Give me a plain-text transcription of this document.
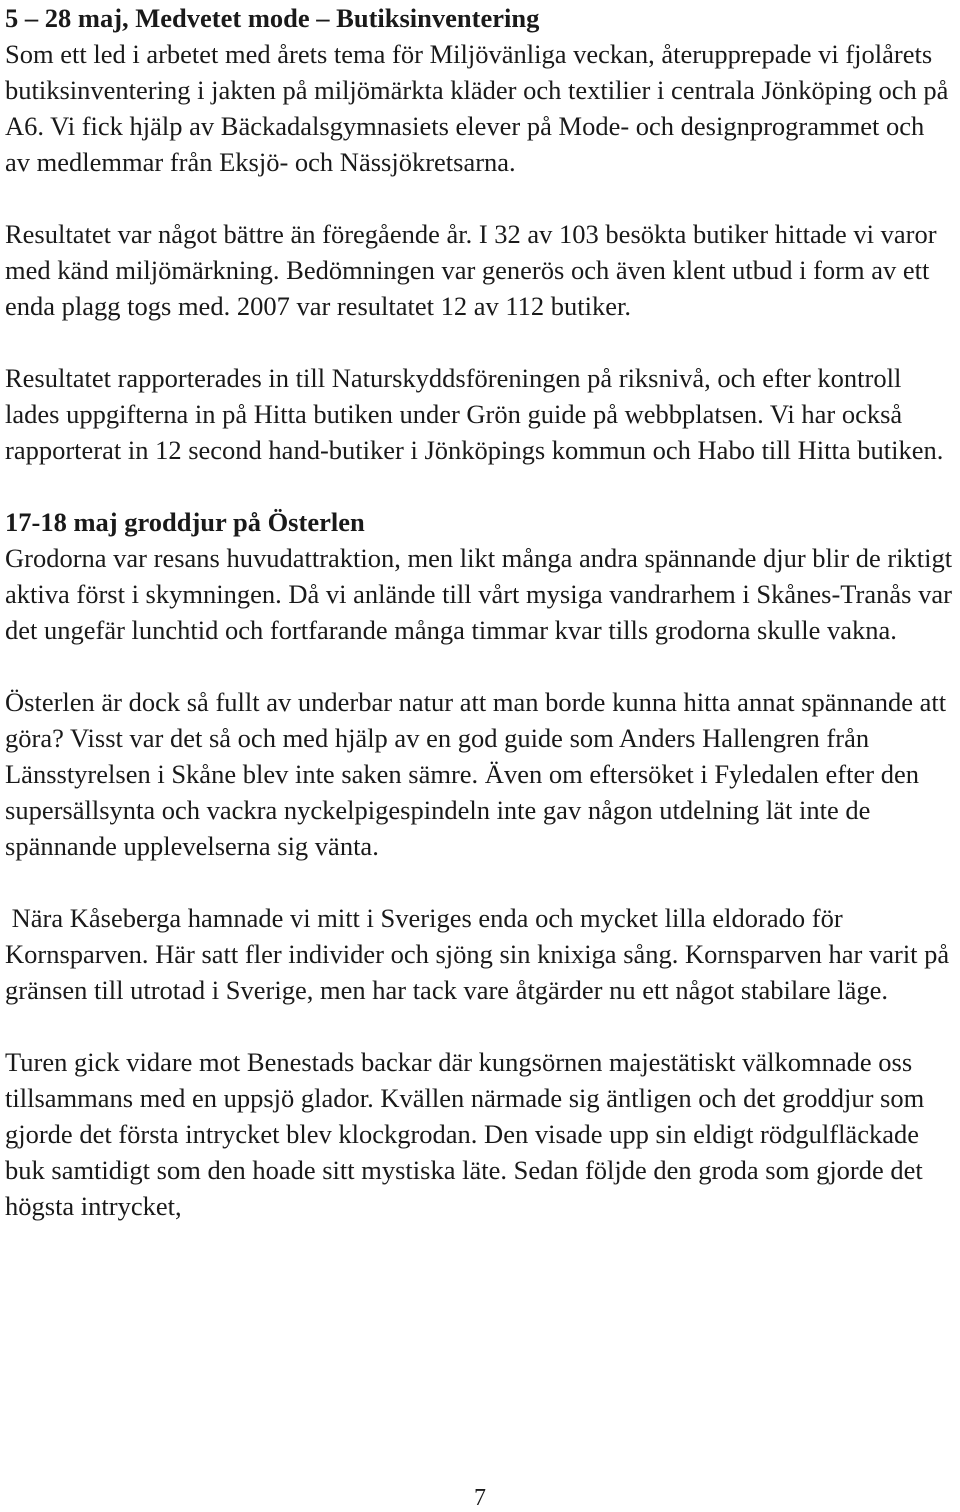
5 – 28 maj, Medvetet mode – Butiksinventering

Som ett led i arbetet med årets tema för Miljövänliga veckan, återupprepade vi fjolårets butiksinventering i jakten på miljömärkta kläder och textilier i centrala Jönköping och på A6. Vi fick hjälp av Bäckadalsgymnasiets elever på Mode- och designprogrammet och av medlemmar från Eksjö- och Nässjökretsarna.

Resultatet var något bättre än föregående år. I 32 av 103 besökta butiker hittade vi varor med känd miljömärkning. Bedömningen var generös och även klent utbud i form av ett enda plagg togs med. 2007 var resultatet 12 av 112 butiker.

Resultatet rapporterades in till Naturskyddsföreningen på riksnivå, och efter kontroll lades uppgifterna in på Hitta butiken under Grön guide på webbplatsen. Vi har också rapporterat in 12 second hand-butiker i Jönköpings kommun och Habo till Hitta butiken.

17-18 maj groddjur på Österlen

Grodorna var resans huvudattraktion, men likt många andra spännande djur blir de riktigt aktiva först i skymningen. Då vi anlände till vårt mysiga vandrarhem i Skånes-Tranås var det ungefär lunchtid och fortfarande många timmar kvar tills grodorna skulle vakna.

Österlen är dock så fullt av underbar natur att man borde kunna hitta annat spännande att göra? Visst var det så och med hjälp av en god guide som Anders Hallengren från Länsstyrelsen i Skåne blev inte saken sämre. Även om eftersöket i Fyledalen efter den supersällsynta och vackra nyckelpigespindeln inte gav någon utdelning lät inte de spännande upplevelserna sig vänta.

Nära Kåseberga hamnade vi mitt i Sveriges enda och mycket lilla eldorado för Kornsparven. Här satt fler individer och sjöng sin knixiga sång. Kornsparven har varit på gränsen till utrotad i Sverige, men har tack vare åtgärder nu ett något stabilare läge.

Turen gick vidare mot Benestads backar där kungsörnen majestätiskt välkomnade oss tillsammans med en uppsjö glador. Kvällen närmade sig äntligen och det groddjur som gjorde det första intrycket blev klockgrodan. Den visade upp sin eldigt rödgulfläckade buk samtidigt som den hoade sitt mystiska läte. Sedan följde den groda som gjorde det högsta intrycket,

7
